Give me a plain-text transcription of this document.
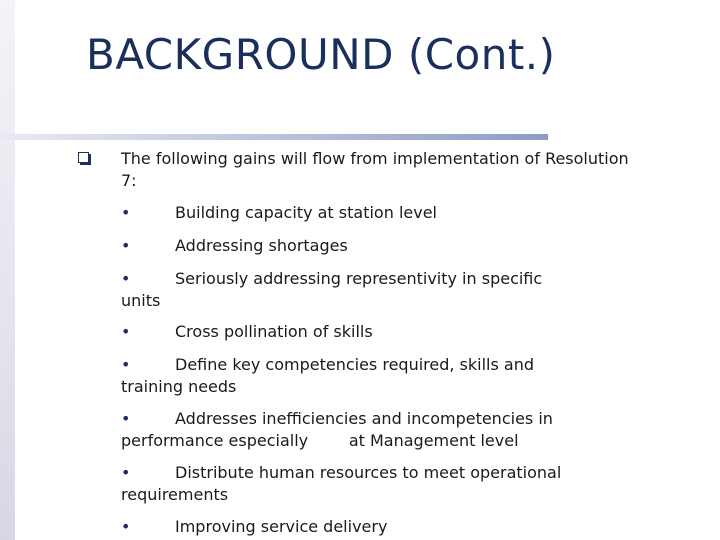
BACKGROUND (Cont.)
The following gains will flow from implementation of Resolution 7:
•	Building capacity at station level
•	Addressing shortages
•	Seriously addressing representivity in specific
units
•	Cross pollination of skills
•	Define key competencies required, skills and
training needs
•	Addresses inefficiencies and incompetencies in
performance especially        at Management level
•	Distribute human resources to meet operational
requirements
•	Improving service delivery
